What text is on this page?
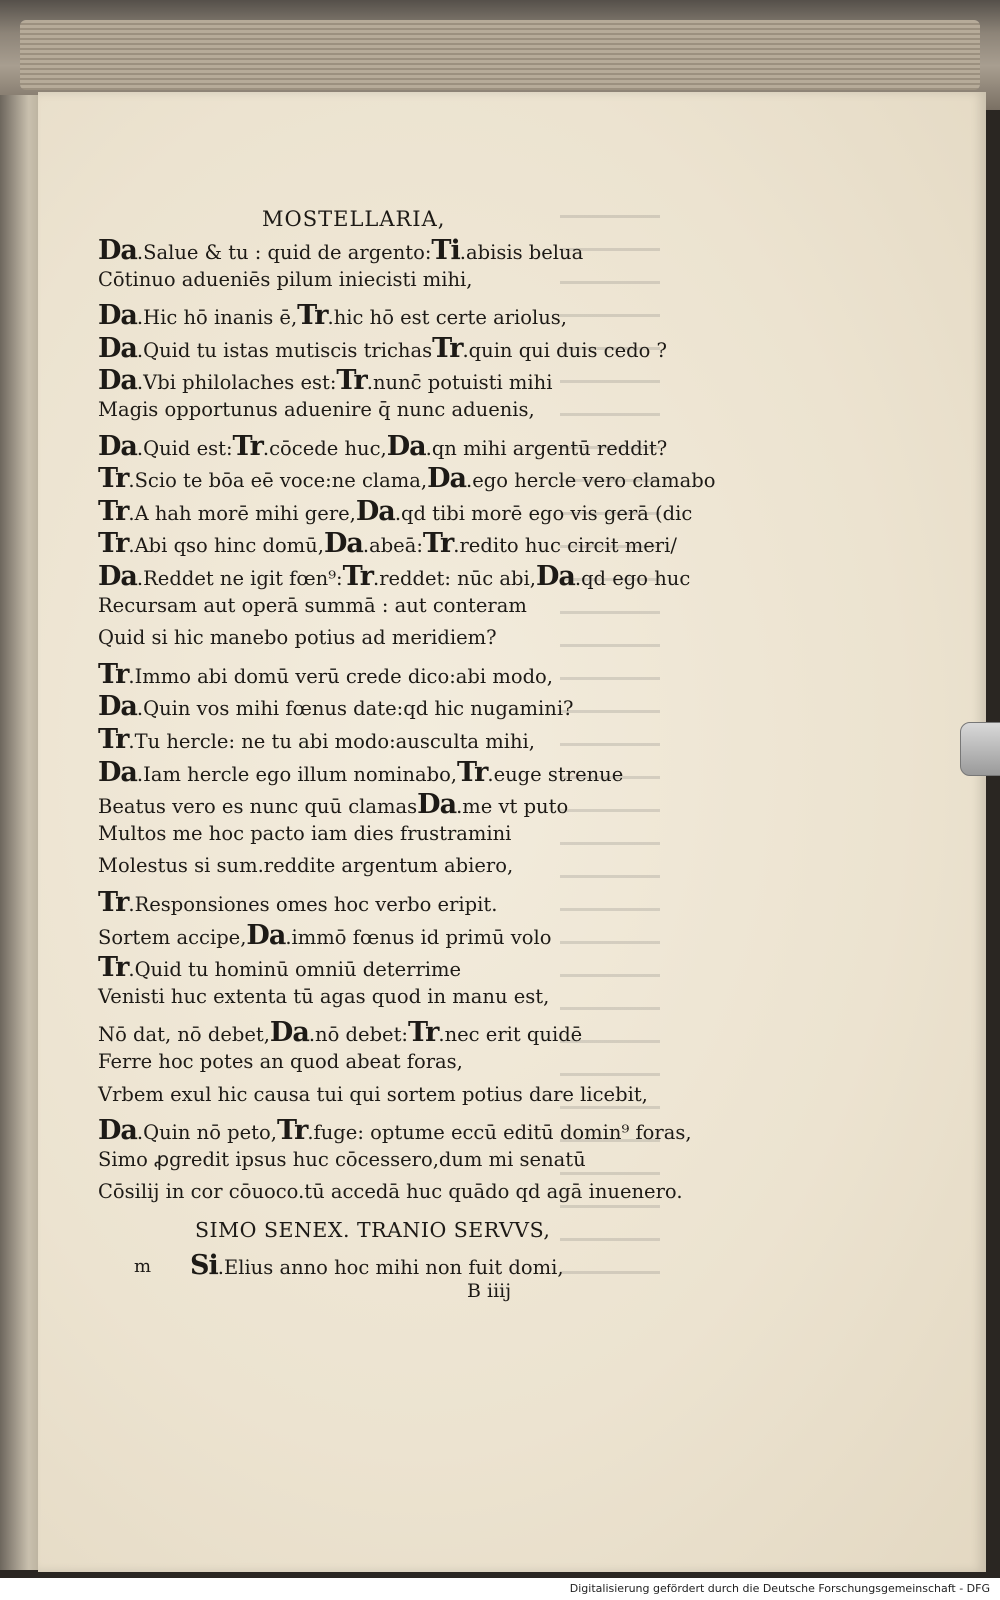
MOSTELLARIA,
Da.Salue & tu : quid de argento:Ti.abisis belua
Cōtinuo adueniēs pilum iniecisti mihi,
Da.Hic hō inanis ē,Tr.hic hō est certe ariolus,
Da.Quid tu istas mutiscis trichasTr.quin qui duis cedo ?
Da.Vbi philolaches est:Tr.nunc̄ potuisti mihi
Magis opportunus aduenire q̄ nunc aduenis,
Da.Quid est:Tr.cōcede huc,Da.qn mihi argentū reddit?
Tr.Scio te bōa eē voce:ne clama,Da.ego hercle vero clamabo
Tr.A hah morē mihi gere,Da.qd tibi morē ego vis gerā (dic
Tr.Abi qso hinc domū,Da.abeā:Tr.redito huc circit meri/
Da.Reddet ne igit fœn⁹:Tr.reddet: nūc abi,Da.qd ego huc
Recursam aut operā summā : aut conteram
Quid si hic manebo potius ad meridiem?
Tr.Immo abi domū verū crede dico:abi modo,
Da.Quin vos mihi fœnus date:qd hic nugamini?
Tr.Tu hercle: ne tu abi modo:ausculta mihi,
Da.Iam hercle ego illum nominabo,Tr.euge strenue
Beatus vero es nunc quū clamasDa.me vt puto
Multos me hoc pacto iam dies frustramini
Molestus si sum.reddite argentum abiero,
Tr.Responsiones omes hoc verbo eripit.
Sortem accipe,Da.immō fœnus id primū volo
Tr.Quid tu hominū omniū deterrime
Venisti huc extenta tū agas quod in manu est,
Nō dat, nō debet,Da.nō debet:Tr.nec erit quidē
Ferre hoc potes an quod abeat foras,
Vrbem exul hic causa tui qui sortem potius dare licebit,
Da.Quin nō peto,Tr.fuge: optume eccū editū domin⁹ foras,
Simo ꝓgredit ipsus huc cōcessero,dum mi senatū
Cōsilij in cor cōuoco.tū accedā huc quādo qd agā inuenero.
SIMO SENEX. TRANIO SERVVS,
m Si.Elius anno hoc mihi non fuit domi,
B iiij
Digitalisierung gefördert durch die Deutsche Forschungsgemeinschaft - DFG
